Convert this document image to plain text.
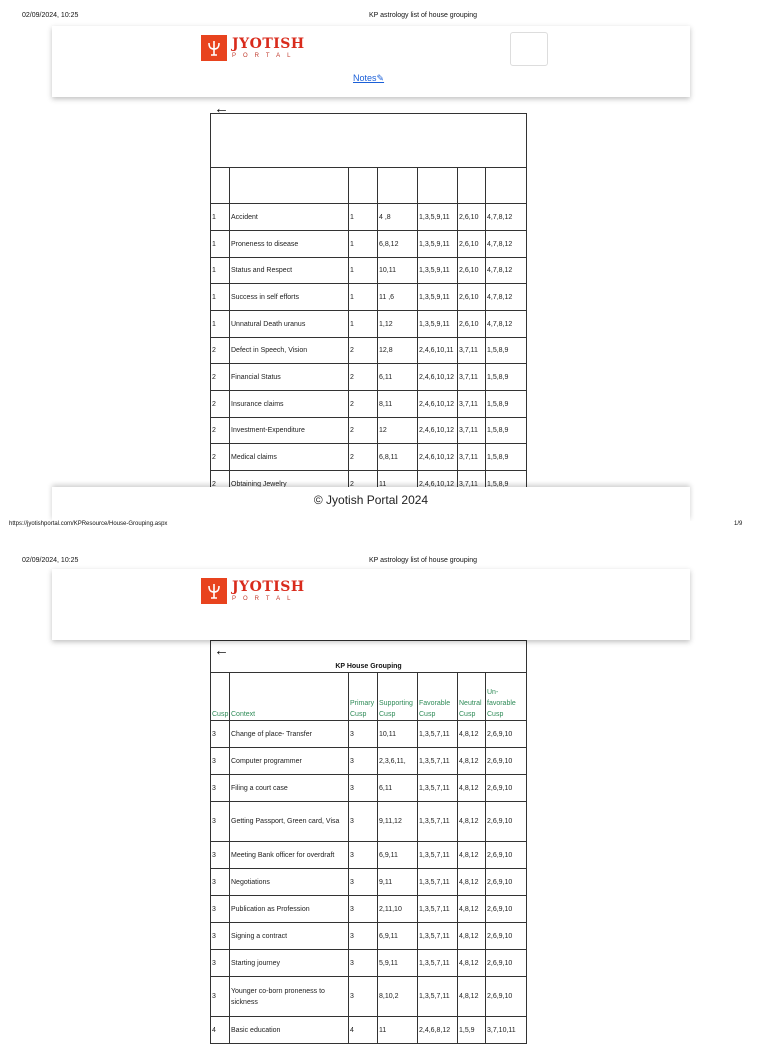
02/09/2024, 10:25	KP astrology list of house grouping

1	Accident	1	4 ,8	1,3,5,9,11	2,6,10	4,7,8,12
1	Proneness to disease	1	6,8,12	1,3,5,9,11	2,6,10	4,7,8,12
1	Status and Respect	1	10,11	1,3,5,9,11	2,6,10	4,7,8,12
1	Success in self efforts	1	11 ,6	1,3,5,9,11	2,6,10	4,7,8,12
1	Unnatural Death uranus	1	1,12	1,3,5,9,11	2,6,10	4,7,8,12
2	Defect in Speech, Vision	2	12,8	2,4,6,10,11	3,7,11	1,5,8,9
2	Financial Status	2	6,11	2,4,6,10,12	3,7,11	1,5,8,9
2	Insurance claims	2	8,11	2,4,6,10,12	3,7,11	1,5,8,9
2	Investment-Expenditure	2	12	2,4,6,10,12	3,7,11	1,5,8,9
2	Medical claims	2	6,8,11	2,4,6,10,12	3,7,11	1,5,8,9
2	Obtaining Jewelry	2	11	2,4,6,10,12	3,7,11	1,5,8,9
←
JYOTISH
PORTAL
Notes✎
© Jyotish Portal 2024
https://jyotishportal.com/KPResource/House-Grouping.aspx	1/9
02/09/2024, 10:25	KP astrology list of house grouping
KP House Grouping						

Cusp	Context	Primary Cusp	Supporting Cusp	Favorable Cusp	Neutral Cusp	Un-favorable Cusp
3	Change of place- Transfer	3	10,11	1,3,5,7,11	4,8,12	2,6,9,10
3	Computer programmer	3	2,3,6,11,	1,3,5,7,11	4,8,12	2,6,9,10
3	Filing a court case	3	6,11	1,3,5,7,11	4,8,12	2,6,9,10
3	Getting Passport, Green card, Visa	3	9,11,12	1,3,5,7,11	4,8,12	2,6,9,10
3	Meeting Bank officer for overdraft	3	6,9,11	1,3,5,7,11	4,8,12	2,6,9,10
3	Negotiations	3	9,11	1,3,5,7,11	4,8,12	2,6,9,10
3	Publication as Profession	3	2,11,10	1,3,5,7,11	4,8,12	2,6,9,10
3	Signing a contract	3	6,9,11	1,3,5,7,11	4,8,12	2,6,9,10
3	Starting journey	3	5,9,11	1,3,5,7,11	4,8,12	2,6,9,10
3	Younger co-born proneness to sickness	3	8,10,2	1,3,5,7,11	4,8,12	2,6,9,10
4	Basic education	4	11	2,4,6,8,12	1,5,9	3,7,10,11
←
JYOTISH
PORTAL
